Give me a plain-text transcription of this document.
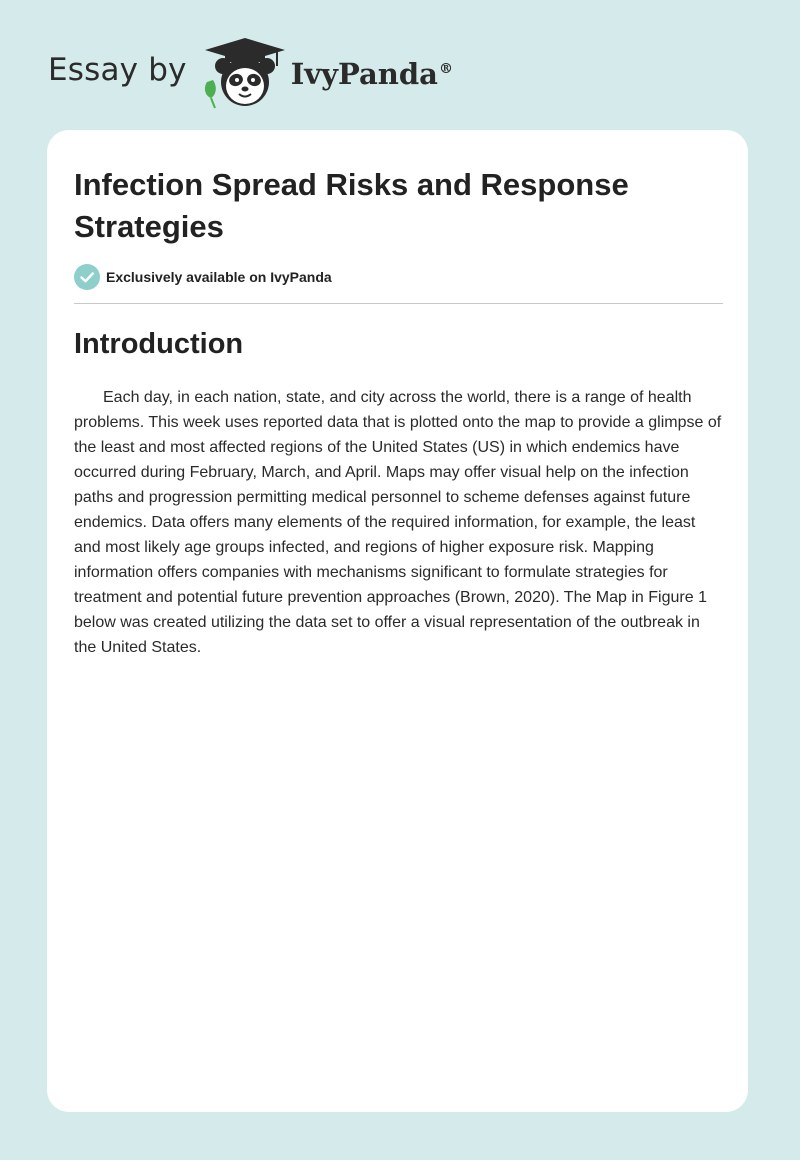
Essay by	IvyPanda®
Infection Spread Risks and Response Strategies
Exclusively available on IvyPanda
Introduction

Each day, in each nation, state, and city across the world, there is a range of health problems. This week uses reported data that is plotted onto the map to provide a glimpse of the least and most affected regions of the United States (US) in which endemics have occurred during February, March, and April. Maps may offer visual help on the infection paths and progression permitting medical personnel to scheme defenses against future endemics. Data offers many elements of the required information, for example, the least and most likely age groups infected, and regions of higher exposure risk. Mapping information offers companies with mechanisms significant to formulate strategies for treatment and potential future prevention approaches (Brown, 2020). The Map in Figure 1 below was created utilizing the data set to offer a visual representation of the outbreak in the United States.
